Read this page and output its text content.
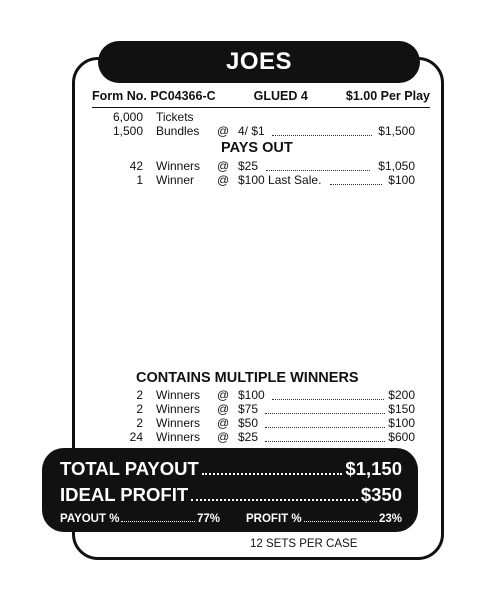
JOES
Form No. PC04366-C	GLUED 4	$1.00 Per Play
6,000 Tickets
1,500 Bundles @ 4/ $1	$1,500
PAYS OUT
42 Winners @ $25	$1,050
1 Winner @ $100 Last Sale.	$100
CONTAINS MULTIPLE WINNERS
2 Winners @ $100	$200
2 Winners @ $75	$150
2 Winners @ $50	$100
24 Winners @ $25	$600
TOTAL PAYOUT	$1,150
IDEAL PROFIT	$350
PAYOUT %	77% PROFIT %	23%
12 SETS PER CASE
